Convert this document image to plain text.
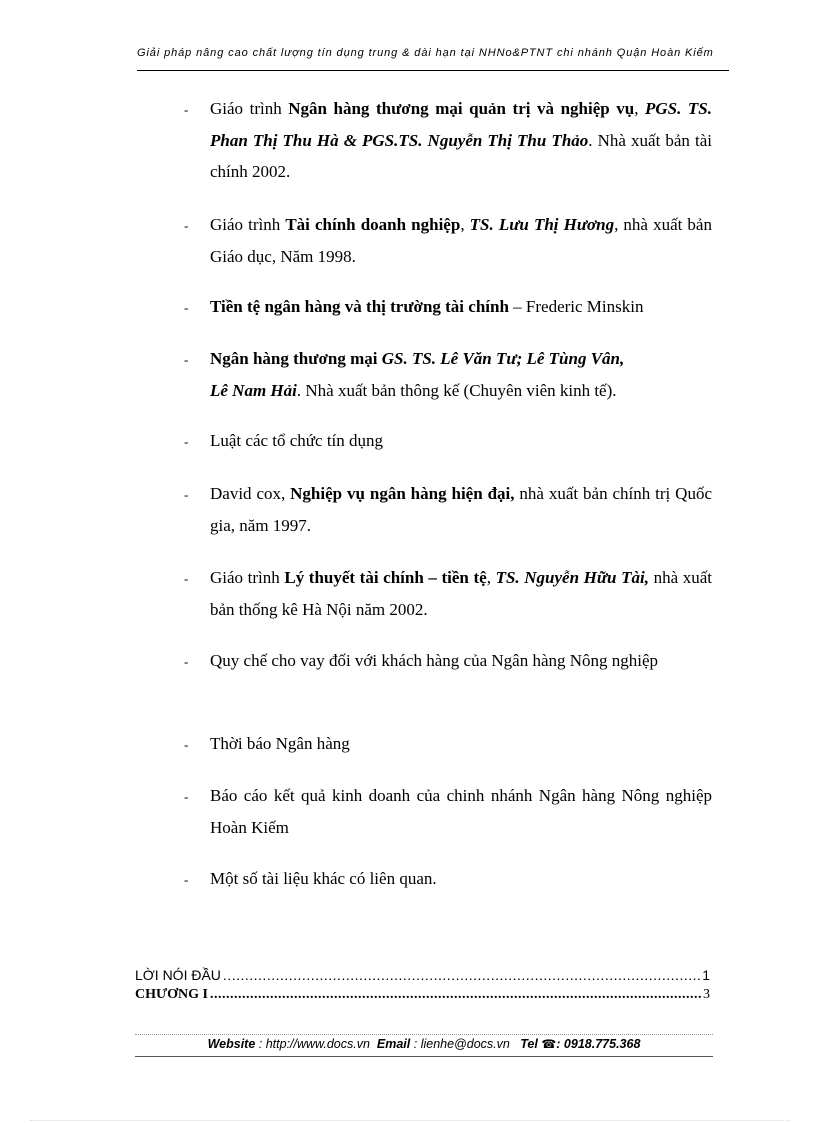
Giải pháp nâng cao chất lượng tín dụng trung & dài hạn tại NHNo&PTNT chi nhánh Quận Hoàn Kiếm
- Giáo trình Ngân hàng thương mại quản trị và nghiệp vụ, PGS. TS. Phan Thị Thu Hà & PGS.TS. Nguyễn Thị Thu Thảo. Nhà xuất bản tài chính 2002.
- Giáo trình Tài chính doanh nghiệp, TS. Lưu Thị Hương, nhà xuất bản Giáo dục, Năm 1998.
- Tiền tệ ngân hàng và thị trường tài chính – Frederic Minskin
- Ngân hàng thương mại GS. TS. Lê Văn Tư; Lê Tùng Vân,
Lê Nam Hải. Nhà xuất bản thông kế (Chuyên viên kinh tế).
- Luật các tổ chức tín dụng
- David cox, Nghiệp vụ ngân hàng hiện đại, nhà xuất bản chính trị Quốc gia, năm 1997.
- Giáo trình Lý thuyết tài chính – tiền tệ, TS. Nguyễn Hữu Tài, nhà xuất bản thống kê Hà Nội năm 2002.
- Quy chế cho vay đối với khách hàng của Ngân hàng Nông nghiệp
- Thời báo Ngân hàng
- Báo cáo kết quả kinh doanh của chinh nhánh Ngân hàng Nông nghiệp Hoàn Kiếm
- Một số tài liệu khác có liên quan.
LỜI NÓI ĐẦU .....	1
CHƯƠNG I .....	3
Website : http://www.docs.vn Email : lienhe@docs.vn Tel ☎: 0918.775.368
